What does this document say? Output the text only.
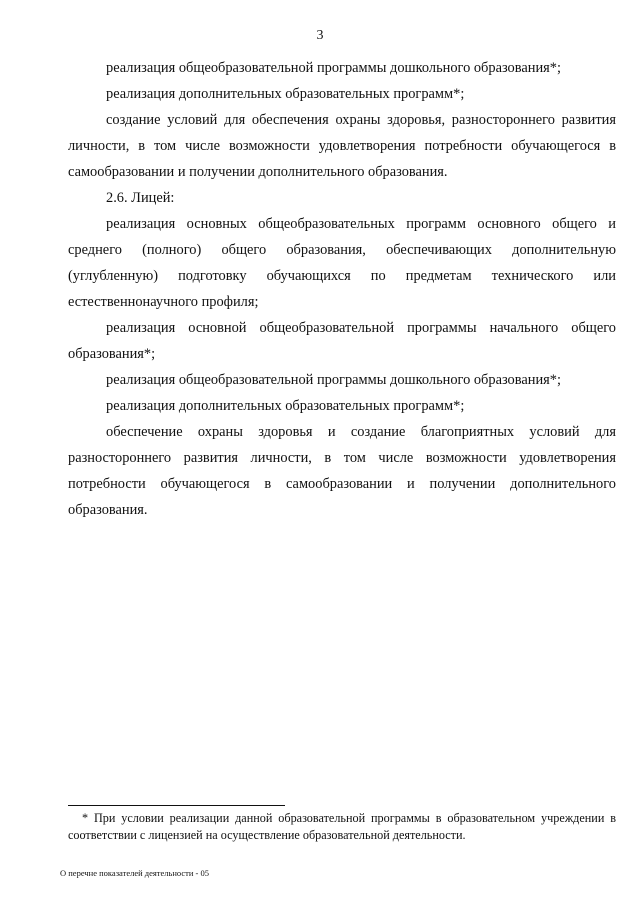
3

реализация общеобразовательной программы дошкольного образования*;

реализация дополнительных образовательных программ*;

создание условий для обеспечения охраны здоровья, разностороннего развития личности, в том числе возможности удовлетворения потребности обучающегося в самообразовании и получении дополнительного образования.

2.6. Лицей:

реализация основных общеобразовательных программ основного общего и среднего (полного) общего образования, обеспечивающих дополнительную (углубленную) подготовку обучающихся по предметам технического или естественнонаучного профиля;

реализация основной общеобразовательной программы начального общего образования*;

реализация общеобразовательной программы дошкольного образования*;

реализация дополнительных образовательных программ*;

обеспечение охраны здоровья и создание благоприятных условий для разностороннего развития личности, в том числе возможности удовлетворения потребности обучающегося в самообразовании и получении дополнительного образования.

* При условии реализации данной образовательной программы в образовательном учреждении в соответствии с лицензией на осуществление образовательной деятельности.
О перечне показателей деятельности - 05
